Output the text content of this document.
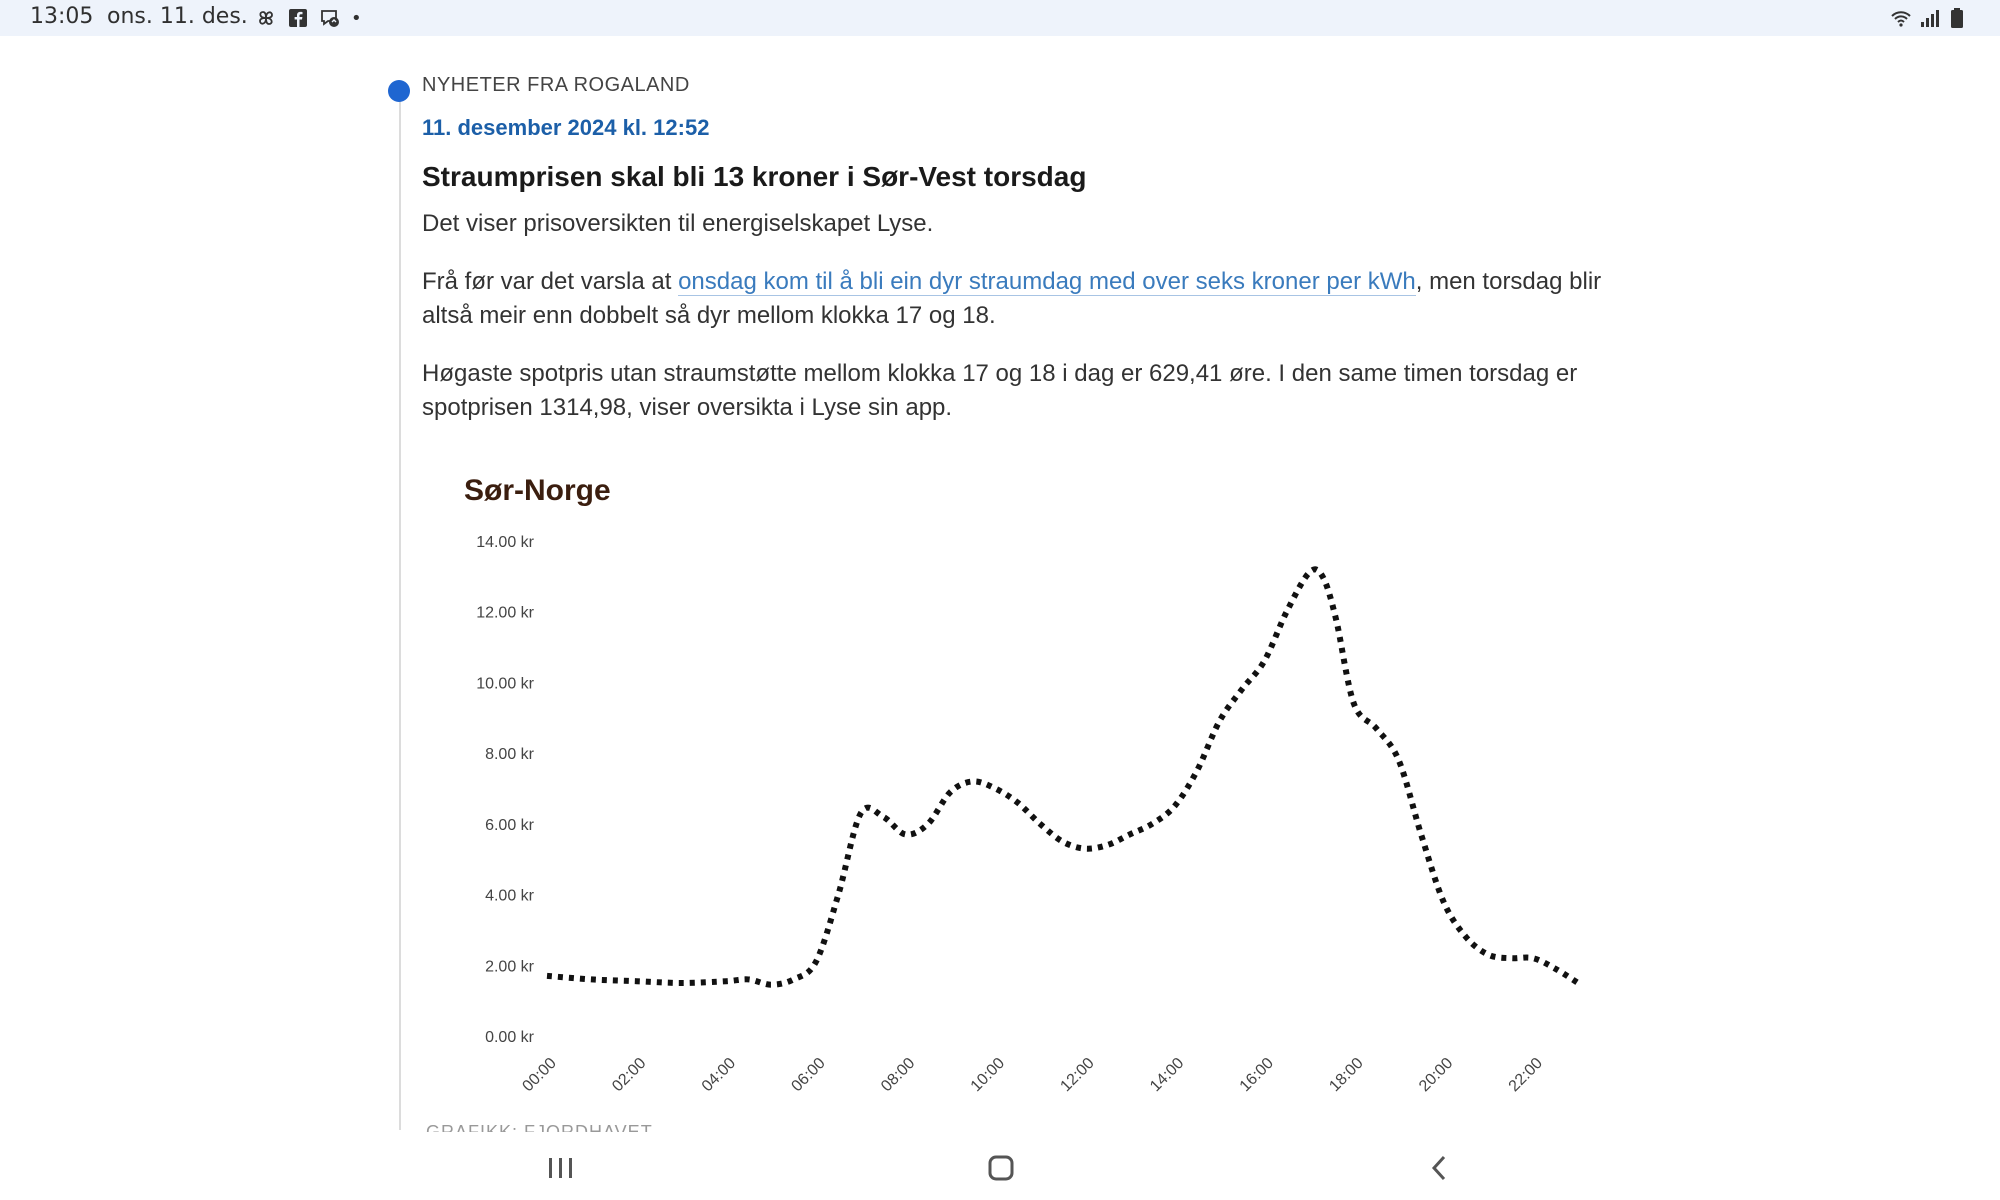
13:05 ons. 11. des.	•
NYHETER FRA ROGALAND
11. desember 2024 kl. 12:52
Straumprisen skal bli 13 kroner i Sør-Vest torsdag
Det viser prisoversikten til energiselskapet Lyse.
Frå før var det varsla at onsdag kom til å bli ein dyr straumdag med over seks kroner per kWh, men torsdag blir altså meir enn dobbelt så dyr mellom klokka 17 og 18.
Høgaste spotpris utan straumstøtte mellom klokka 17 og 18 i dag er 629,41 øre. I den same timen torsdag er spotprisen 1314,98, viser oversikta i Lyse sin app.
Sør-Norge
0.00 kr
2.00 kr
4.00 kr
6.00 kr
8.00 kr
10.00 kr
12.00 kr
14.00 kr
00:00	02:00	04:00	06:00	08:00	10:00	12:00	14:00	16:00	18:00	20:00	22:00
